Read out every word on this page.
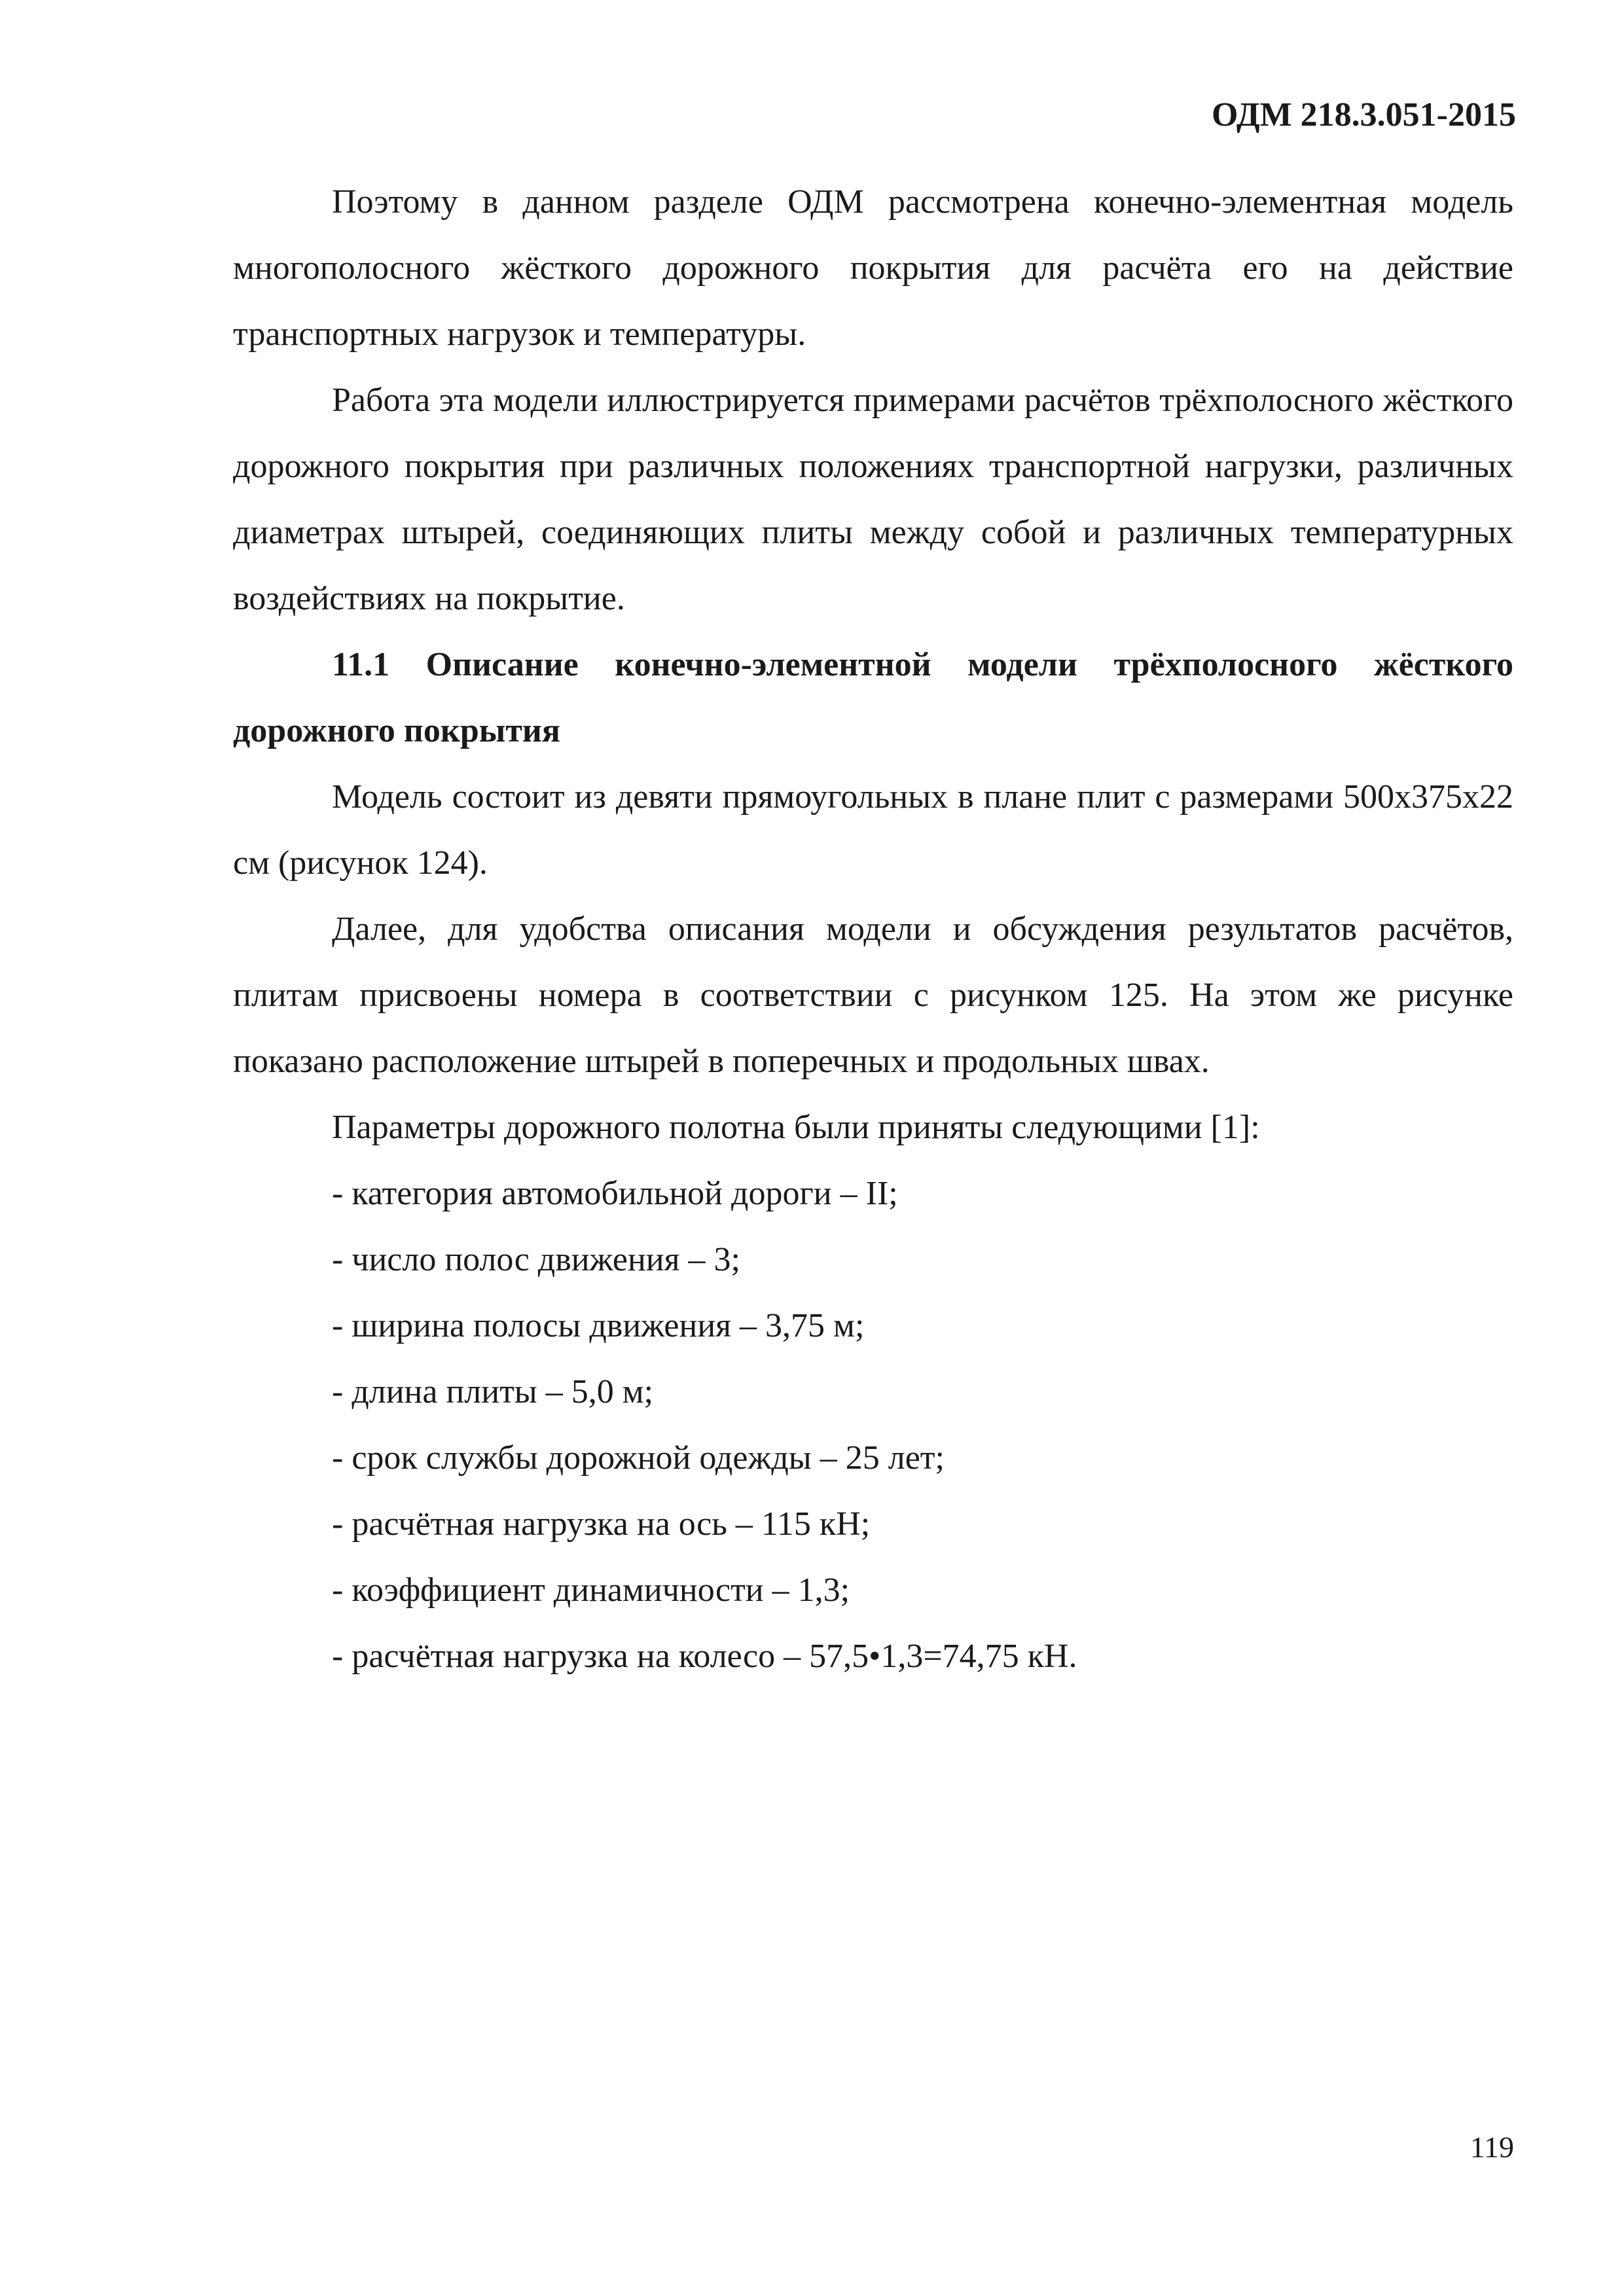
ОДМ 218.3.051-2015

Поэтому в данном разделе ОДМ рассмотрена конечно-элементная модель многополосного жёсткого дорожного покрытия для расчёта его на действие транспортных нагрузок и температуры.

Работа эта модели иллюстрируется примерами расчётов трёхполосного жёсткого дорожного покрытия при различных положениях транспортной нагрузки, различных диаметрах штырей, соединяющих плиты между собой и различных температурных воздействиях на покрытие.

11.1 Описание конечно-элементной модели трёхполосного жёсткого дорожного покрытия

Модель состоит из девяти прямоугольных в плане плит с размерами 500х375х22 см (рисунок 124).

Далее, для удобства описания модели и обсуждения результатов расчётов, плитам присвоены номера в соответствии с рисунком 125. На этом же рисунке показано расположение штырей в поперечных и продольных швах.

Параметры дорожного полотна были приняты следующими [1]:

- категория автомобильной дороги – II;
- число полос движения – 3;
- ширина полосы движения – 3,75 м;
- длина плиты – 5,0 м;
- срок службы дорожной одежды – 25 лет;
- расчётная нагрузка на ось – 115 кН;
- коэффициент динамичности – 1,3;
- расчётная нагрузка на колесо – 57,5•1,3=74,75 кН.
119
